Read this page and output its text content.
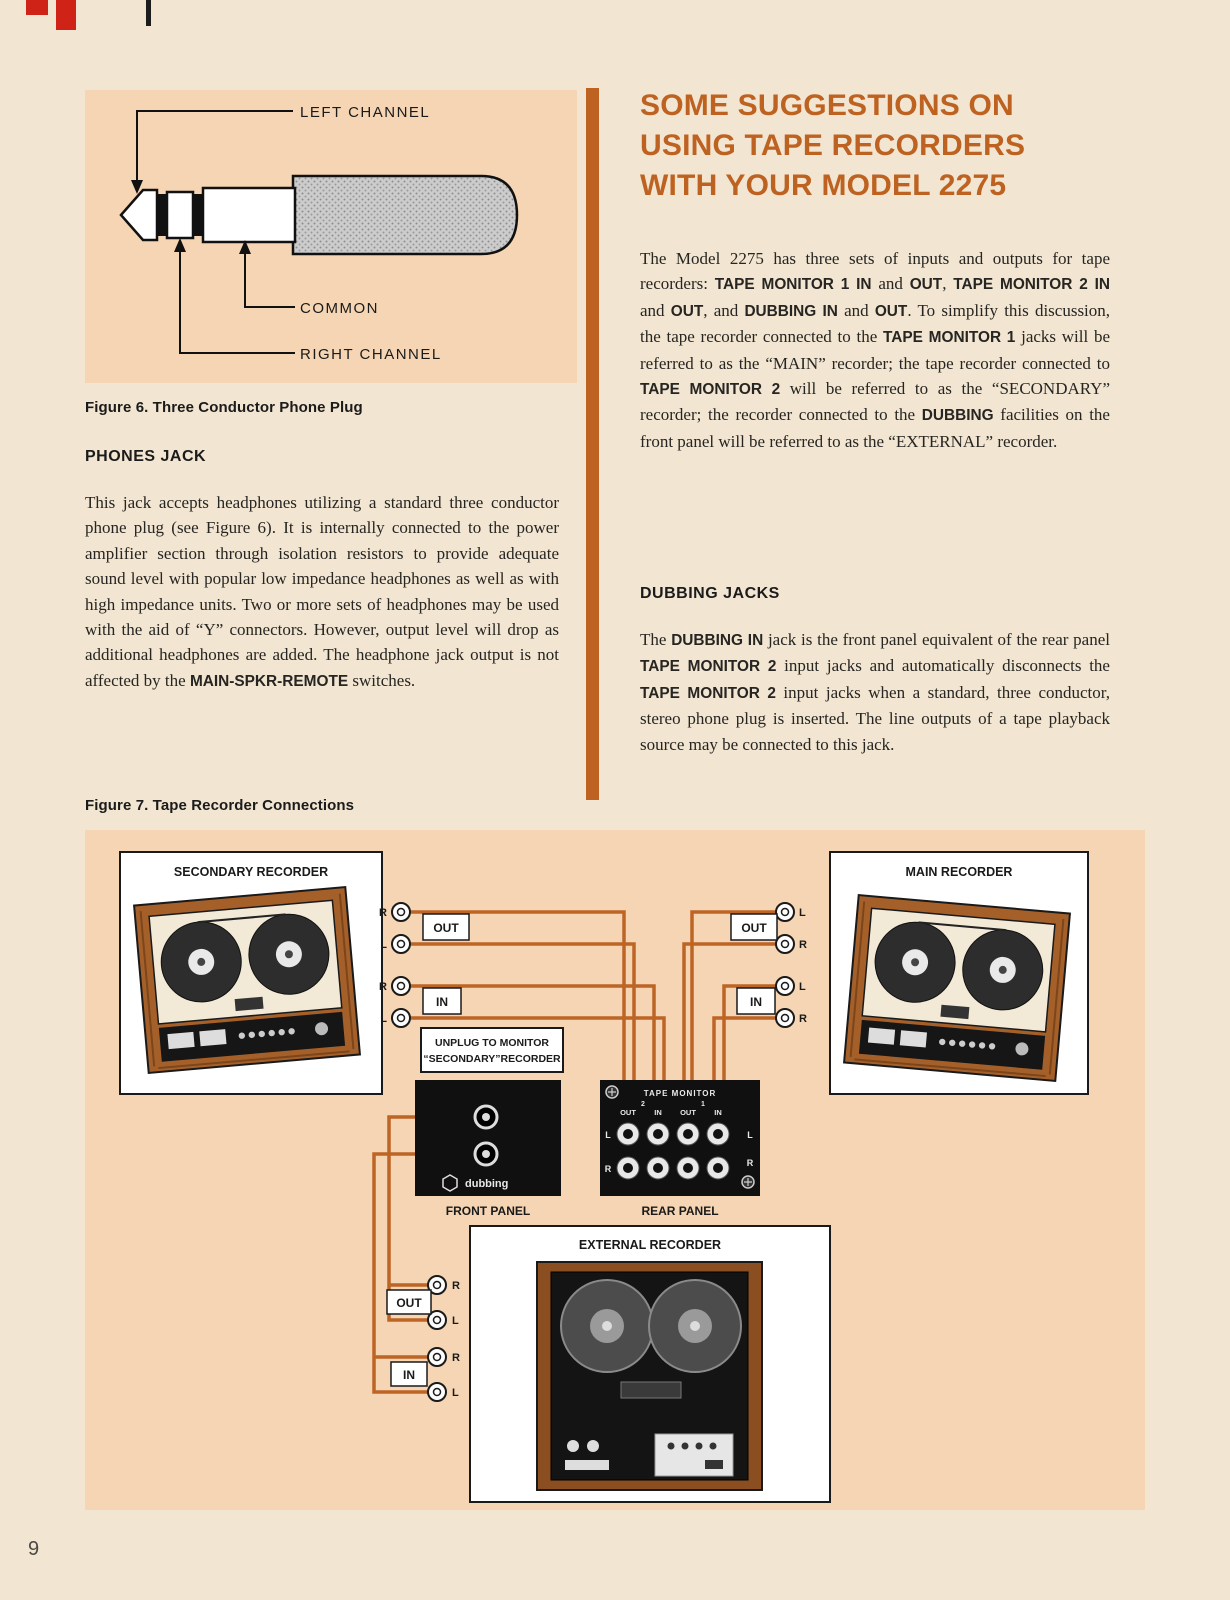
LEFT CHANNEL
COMMON
RIGHT CHANNEL
Figure 6. Three Conductor Phone Plug
PHONES JACK
This jack accepts headphones utilizing a standard three conductor phone plug (see Figure 6). It is internally connected to the power amplifier section through isolation resistors to provide adequate sound level with popular low impedance headphones as well as with high impedance units. Two or more sets of headphones may be used with the aid of “Y” connectors. However, output level will drop as additional headphones are added. The headphone jack output is not affected by the MAIN-SPKR-REMOTE switches.
Figure 7. Tape Recorder Connections
SOME SUGGESTIONS ON
USING TAPE RECORDERS
WITH YOUR MODEL 2275
The Model 2275 has three sets of inputs and outputs for tape recorders: TAPE MONITOR 1 IN and OUT, TAPE MONITOR 2 IN and OUT, and DUBBING IN and OUT. To simplify this discussion, the tape recorder connected to the TAPE MONITOR 1 jacks will be referred to as the “MAIN” recorder; the tape recorder connected to TAPE MONITOR 2 will be referred to as the “SECONDARY” recorder; the recorder connected to the DUBBING facilities on the front panel will be referred to as the “EXTERNAL” recorder.
DUBBING JACKS
The DUBBING IN jack is the front panel equivalent of the rear panel TAPE MONITOR 2 input jacks and automatically disconnects the TAPE MONITOR 2 input jacks when a standard, three conductor, stereo phone plug is inserted. The line outputs of a tape playback source may be connected to this jack.
SECONDARY RECORDER	MAIN RECORDER
EXTERNAL RECORDER
R
L
R
L
OUT
IN
L
R
L
R
OUT
IN
UNPLUG TO MONITOR
“SECONDARY”RECORDER
dubbing
FRONT PANEL
TAPE MONITOR
2	1
OUT IN OUT IN
L
R
L
R
REAR PANEL
R
L
R
L
OUT
IN
9
